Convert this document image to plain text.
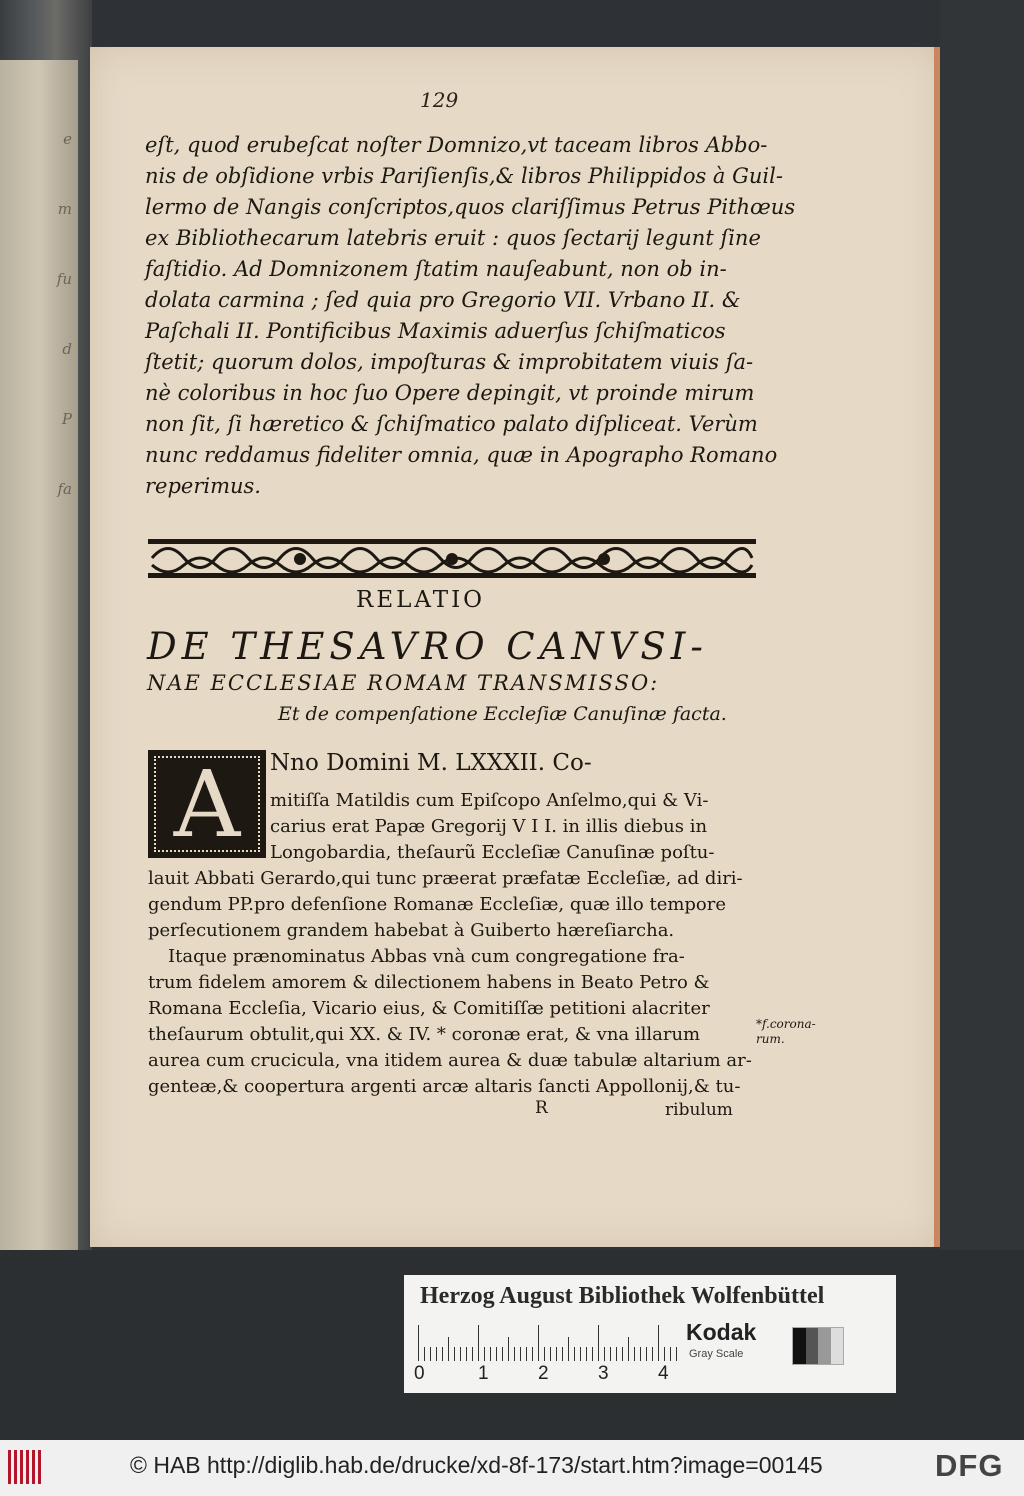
e
m
fu
d
P
fa
129
eſt, quod erubeſcat noſter Domnizo,vt taceam libros Abbo-
nis de obſidione vrbis Pariſienſis,& libros Philippidos à Guil-
lermo de Nangis conſcriptos,quos clariſſimus Petrus Pithœus
ex Bibliothecarum latebris eruit : quos ſectarij legunt ſine
faſtidio. Ad Domnizonem ſtatim nauſeabunt, non ob in-
dolata carmina ; ſed quia pro Gregorio VII. Vrbano II. &
Paſchali II. Pontificibus Maximis aduerſus ſchiſmaticos
ſtetit; quorum dolos, impoſturas & improbitatem viuis ſa-
nè coloribus in hoc ſuo Opere depingit, vt proinde mirum
non ſit, ſi hæretico & ſchiſmatico palato diſpliceat. Verùm
nunc reddamus fideliter omnia, quæ in Apographo Romano
reperimus.
RELATIO
DE THESAVRO CANVSI-
NAE ECCLESIAE ROMAM TRANSMISSO:
Et de compenſatione Eccleſiæ Canuſinæ facta.
A	Nno Domini M. LXXXII. Co-
mitiſſa Matildis cum Epiſcopo Anſelmo,qui & Vi-
carius erat Papæ Gregorij V I I. in illis diebus in
Longobardia, theſaurũ Eccleſiæ Canuſinæ poſtu-
lauit Abbati Gerardo,qui tunc præerat præfatæ Eccleſiæ, ad diri-
gendum PP.pro defenſione Romanæ Eccleſiæ, quæ illo tempore
perſecutionem grandem habebat à Guiberto hæreſiarcha.
Itaque prænominatus Abbas vnà cum congregatione fra-
trum fidelem amorem & dilectionem habens in Beato Petro &
Romana Eccleſia, Vicario eius, & Comitiſſæ petitioni alacriter
theſaurum obtulit,qui XX. & IV. * coronæ erat, & vna illarum
aurea cum crucicula, vna itidem aurea & duæ tabulæ altarium ar-
genteæ,& coopertura argenti arcæ altaris ſancti Appollonij,& tu-
*f.corona-
rum.
R	ribulum
Herzog August Bibliothek Wolfenbüttel
0	1	2	3	4
Kodak
Gray Scale
© HAB http://diglib.hab.de/drucke/xd-8f-173/start.htm?image=00145	DFG
